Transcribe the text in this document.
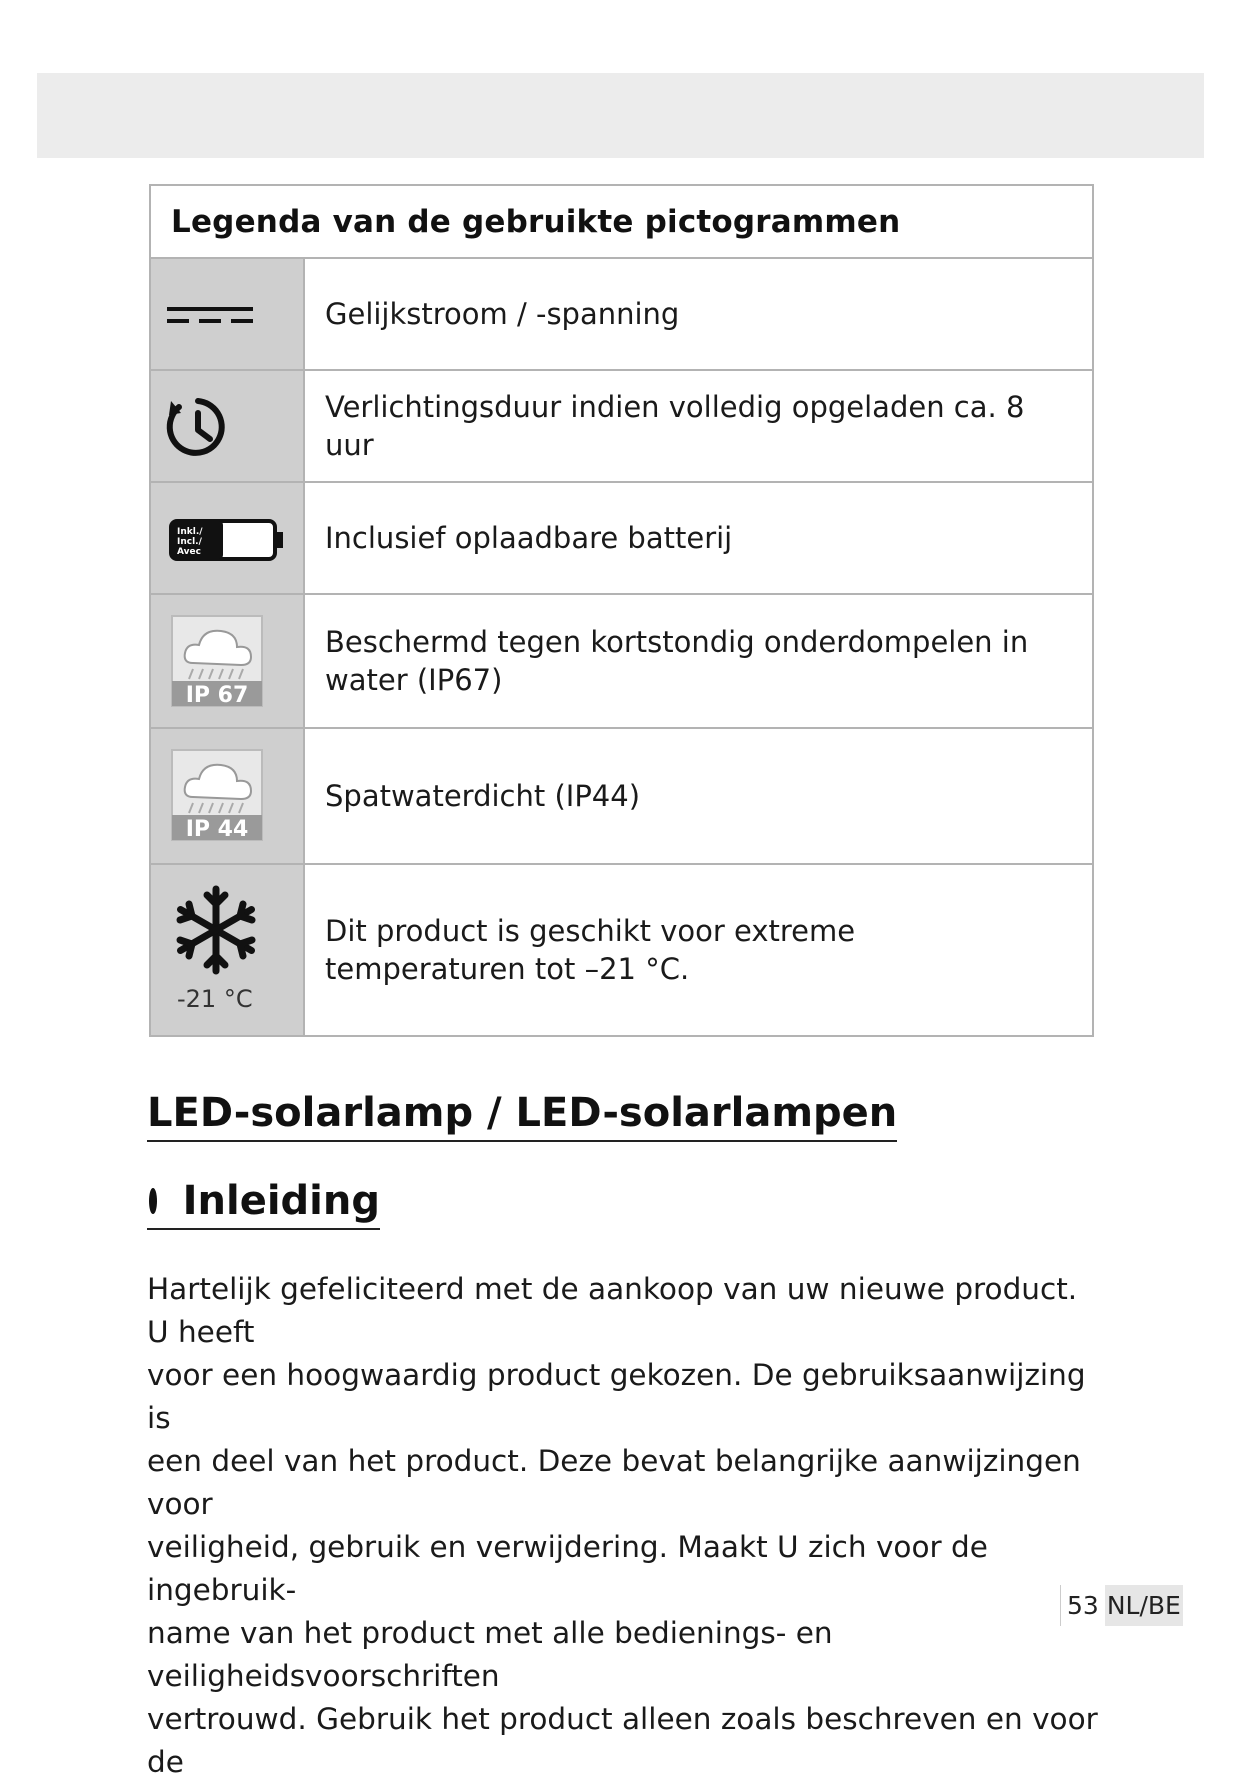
Legenda van de gebruikte pictogrammen
Gelijkstroom / -spanning
Verlichtingsduur indien volledig opgeladen ca. 8 uur
Inkl./
Incl./
Avec	Inclusief oplaadbare batterij
IP 67
Beschermd tegen kortstondig onderdompelen in water (IP67)
IP 44
Spatwaterdicht (IP44)
-21 °C
Dit product is geschikt voor extreme temperaturen tot –21 °C.
LED-solarlamp / LED-solarlampen
Inleiding

Hartelijk gefeliciteerd met de aankoop van uw nieuwe product. U heeft
voor een hoogwaardig product gekozen. De gebruiksaanwijzing is
een deel van het product. Deze bevat belangrijke aanwijzingen voor
veiligheid, gebruik en verwijdering. Maakt U zich voor de ingebruik-
name van het product met alle bedienings- en veiligheidsvoorschriften
vertrouwd. Gebruik het product alleen zoals beschreven en voor de

53 NL/BE
